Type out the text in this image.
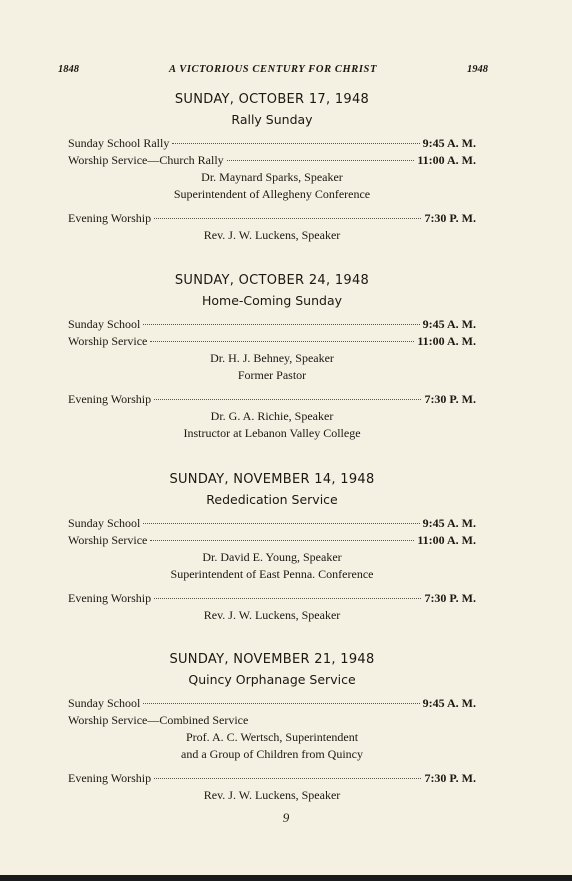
1848	A VICTORIOUS CENTURY FOR CHRIST	1948
SUNDAY, OCTOBER 17, 1948
Rally Sunday
Sunday School Rally	9:45 A. M.
Worship Service—Church Rally	11:00 A. M.
Dr. Maynard Sparks, Speaker
Superintendent of Allegheny Conference
Evening Worship	7:30 P. M.
Rev. J. W. Luckens, Speaker
SUNDAY, OCTOBER 24, 1948
Home-Coming Sunday
Sunday School	9:45 A. M.
Worship Service	11:00 A. M.
Dr. H. J. Behney, Speaker
Former Pastor
Evening Worship	7:30 P. M.
Dr. G. A. Richie, Speaker
Instructor at Lebanon Valley College
SUNDAY, NOVEMBER 14, 1948
Rededication Service
Sunday School	9:45 A. M.
Worship Service	11:00 A. M.
Dr. David E. Young, Speaker
Superintendent of East Penna. Conference
Evening Worship	7:30 P. M.
Rev. J. W. Luckens, Speaker
SUNDAY, NOVEMBER 21, 1948
Quincy Orphanage Service
Sunday School	9:45 A. M.
Worship Service—Combined Service
Prof. A. C. Wertsch, Superintendent
and a Group of Children from Quincy
Evening Worship	7:30 P. M.
Rev. J. W. Luckens, Speaker
9
